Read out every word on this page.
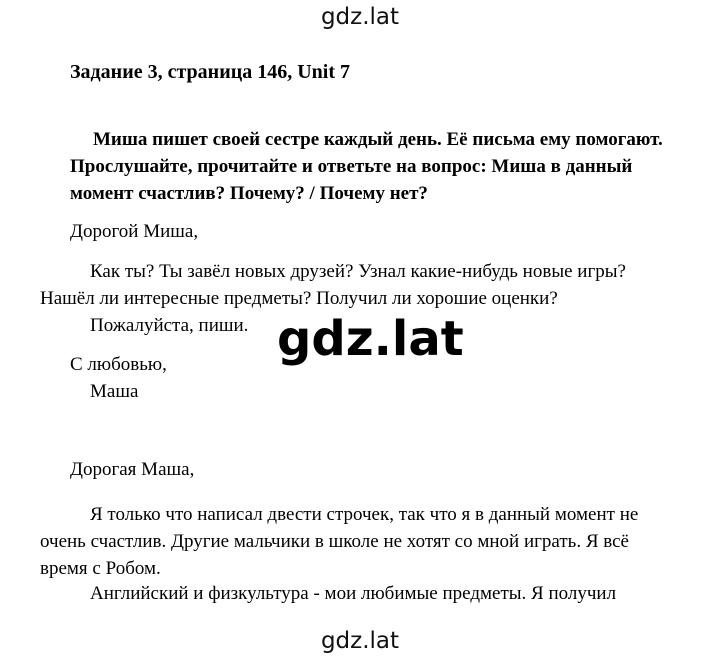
gdz.lat
Задание 3, страница 146, Unit 7
Миша пишет своей сестре каждый день. Её письма ему помогают.
Прослушайте, прочитайте и ответьте на вопрос: Миша в данный
момент счастлив? Почему? / Почему нет?
Дорогой Миша,
Как ты? Ты завёл новых друзей? Узнал какие-нибудь новые игры?
Нашёл ли интересные предметы? Получил ли хорошие оценки?
Пожалуйста, пиши.
С любовью,
Маша
gdz.lat
Дорогая Маша,
Я только что написал двести строчек, так что я в данный момент не
очень счастлив. Другие мальчики в школе не хотят со мной играть. Я всё
время с Робом.
Английский и физкультура - мои любимые предметы. Я получил
gdz.lat
